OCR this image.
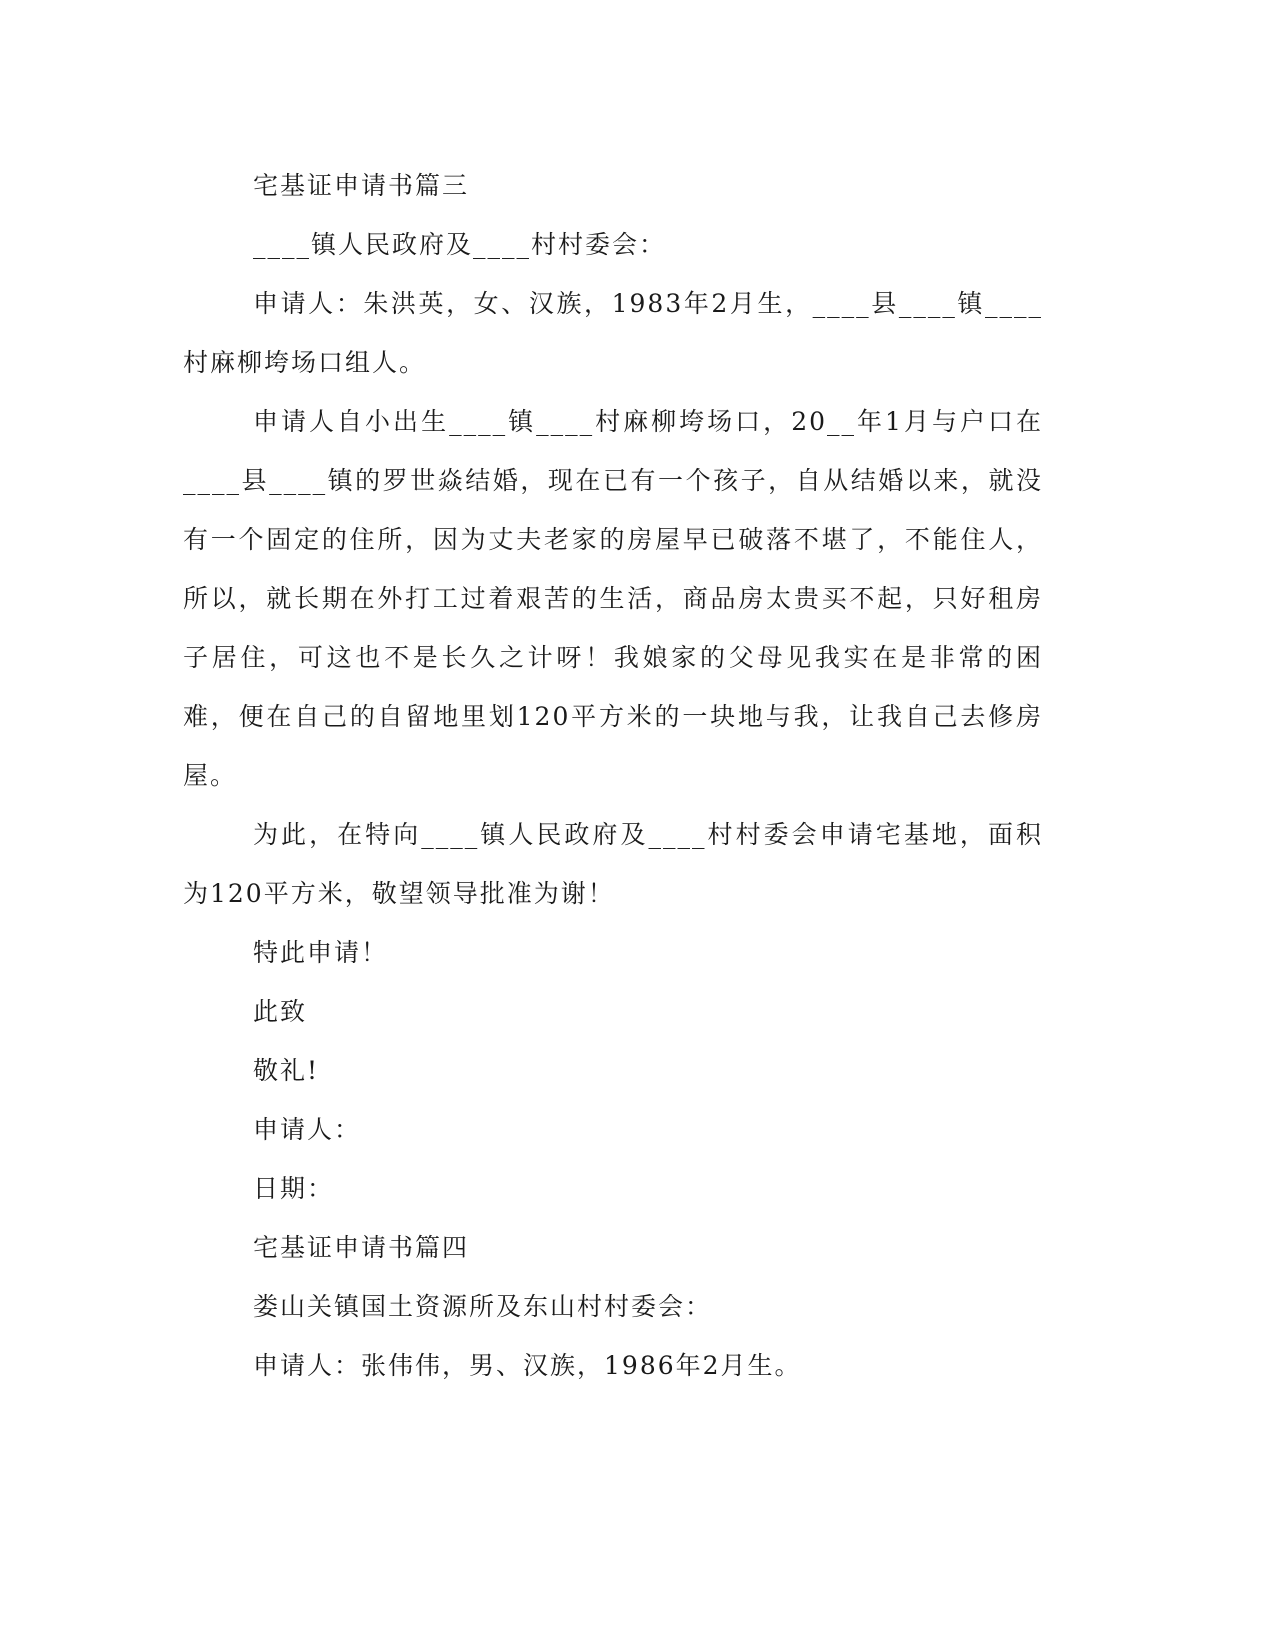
宅基证申请书篇三

____镇人民政府及____村村委会：

申请人：朱洪英，女、汉族，1983年2月生，____县____镇____村麻柳垮场口组人。

申请人自小出生____镇____村麻柳垮场口，20__年1月与户口在____县____镇的罗世焱结婚，现在已有一个孩子，自从结婚以来，就没有一个固定的住所，因为丈夫老家的房屋早已破落不堪了，不能住人，所以，就长期在外打工过着艰苦的生活，商品房太贵买不起，只好租房子居住，可这也不是长久之计呀！我娘家的父母见我实在是非常的困难，便在自己的自留地里划120平方米的一块地与我，让我自己去修房屋。

为此，在特向____镇人民政府及____村村委会申请宅基地，面积为120平方米，敬望领导批准为谢！

特此申请！

此致

敬礼!

申请人：

日期：

宅基证申请书篇四

娄山关镇国土资源所及东山村村委会：

申请人：张伟伟，男、汉族，1986年2月生。
